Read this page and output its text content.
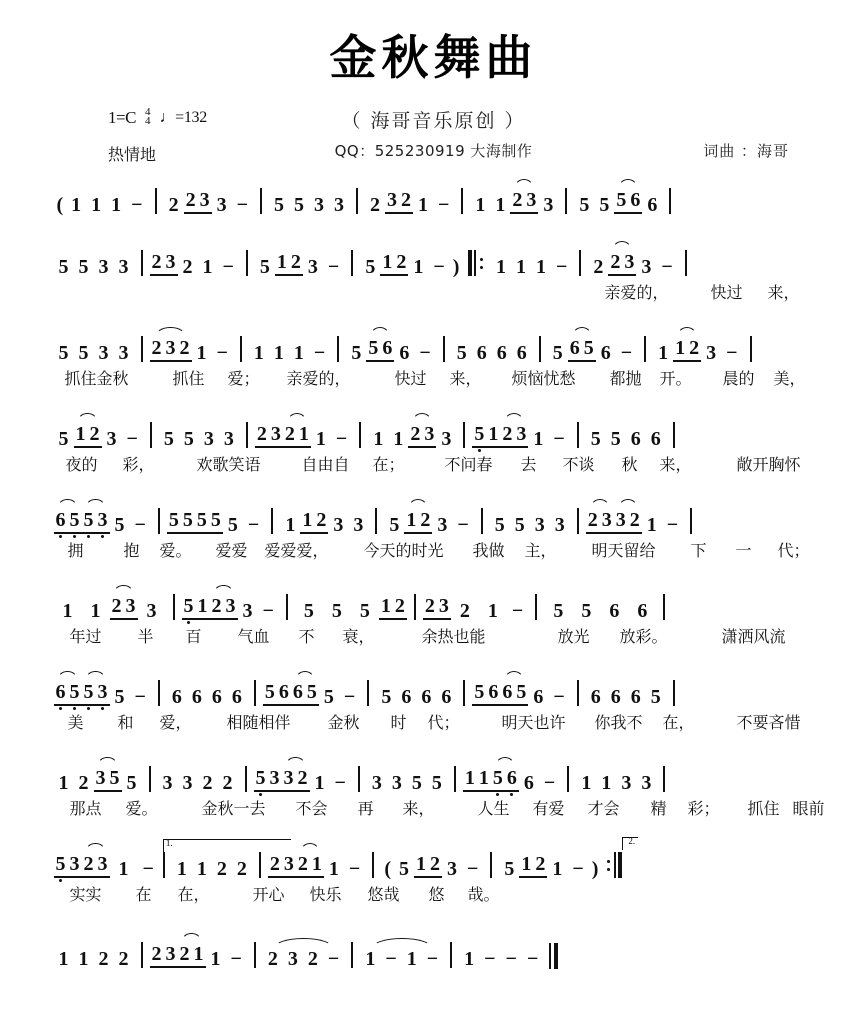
金秋舞曲
1=C 4
4 ♩=132
热情地
（ 海哥音乐原创 ）
QQ：525230919 大海制作	词曲 ：海哥
( 1 1 1 − 2 2 3 3 − 5 5 3 3 2 3 2 1 − 1 1 2 3 3 5 5 5 6 6
5 5 3 3 2 3 2 1 − 5 1 2 3 − 5 1 2 1 − ) 1 1 1 − 2 2 3 3 −
亲爱的，	快过 来，
5 5 3 3 2 3 2 1 − 1 1 1 − 5 5 6 6 − 5 6 6 6 5 6 5 6 − 1 1 2 3 −
抓住金秋	抓住 爱； 亲爱的，	快过 来， 烦恼忧愁 都抛 开。 晨的 美，
5 1 2 3 − 5 5 3 3 2 3 2 1 1 − 1 1 2 3 3 5 1 2 3 1 − 5 5 6 6
夜的 彩，	欢歌笑语	自由自 在； 不问春 去 不谈 秋 来，	敞开胸怀
6 5 5 3 5 − 5 5 5 5 5 − 1 1 2 3 3 5 1 2 3 − 5 5 3 3 2 3 3 2 1 −
拥 抱 爱。 爱爱 爱爱爱， 今天的时光 我做 主， 明天留给 下 一 代；
1 1 2 3 3	5 1 2 3 3 −	5 5 5 1 2 2 3 2 1 −	5 5 6 6
年过 半 百 气血 不 衰，	余热也能	放光 放彩。	潇洒风流
6 5 5 3 5 − 6 6 6 6 5 6 6 5 5 − 5 6 6 6 5 6 6 5 6 − 6 6 6 5
美 和 爱， 相随相伴 金秋 时 代；	明天也许 你我不 在，	不要吝惜
1 2 3 5 5 3 3 2 2 5 3 3 2 1 − 3 3 5 5 1 1 5 6 6 − 1 1 3 3
那点 爱。	金秋一去 不会 再 来，	人生 有爱 才会 精 彩； 抓住 眼前
5 3 2 3 1 −
1.
1 1 2 2 2 3 2 1 1 − ( 5 1 2 3 − 5 1 2 1 − )
2.
实实 在 在，	开心 快乐 悠哉 悠 哉。
1 1 2 2 2 3 2 1 1 − 2 3 2 − 1 − 1 − 1 − − −
